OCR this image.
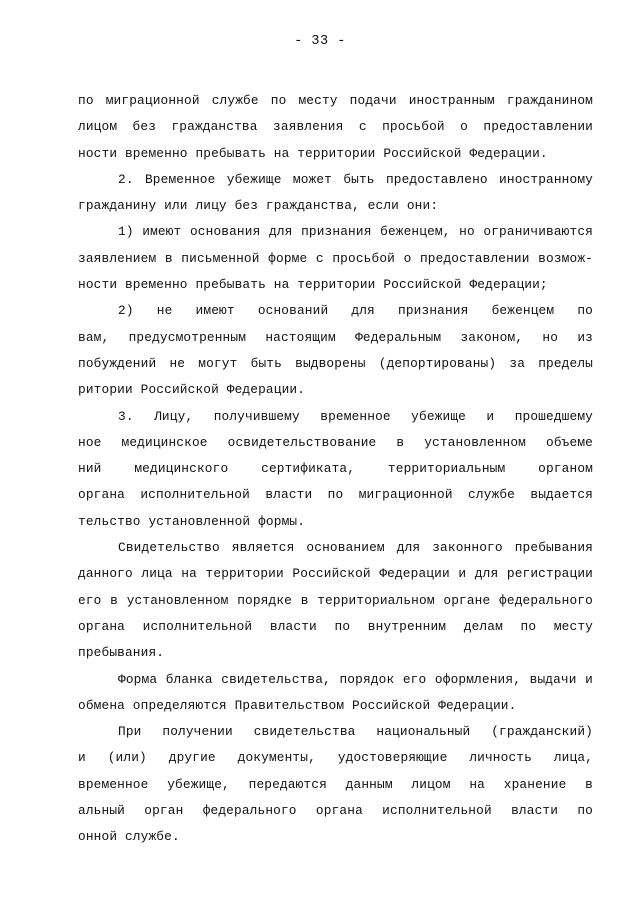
- 33 -
по миграционной службе по месту подачи иностранным гражданином
лицом без гражданства заявления с просьбой о предоставлении
ности временно пребывать на территории Российской Федерации.
2. Временное убежище может быть предоставлено иностранному
гражданину или лицу без гражданства, если они:
1) имеют основания для признания беженцем, но ограничиваются
заявлением в письменной форме с просьбой о предоставлении возмож-
ности временно пребывать на территории Российской Федерации;
2) не имеют оснований для признания беженцем по
вам, предусмотренным настоящим Федеральным законом, но из
побуждений не могут быть выдворены (депортированы) за пределы
ритории Российской Федерации.
3. Лицу, получившему временное убежище и прошедшему
ное медицинское освидетельствование в установленном объеме
ний медицинского сертификата, территориальным органом
органа исполнительной власти по миграционной службе выдается
тельство установленной формы.
Свидетельство является основанием для законного пребывания
данного лица на территории Российской Федерации и для регистрации
его в установленном порядке в территориальном органе федерального
органа исполнительной власти по внутренним делам по месту
пребывания.
Форма бланка свидетельства, порядок его оформления, выдачи и
обмена определяются Правительством Российской Федерации.
При получении свидетельства национальный (гражданский)
и (или) другие документы, удостоверяющие личность лица,
временное убежище, передаются данным лицом на хранение в
альный орган федерального органа исполнительной власти по
онной службе.
